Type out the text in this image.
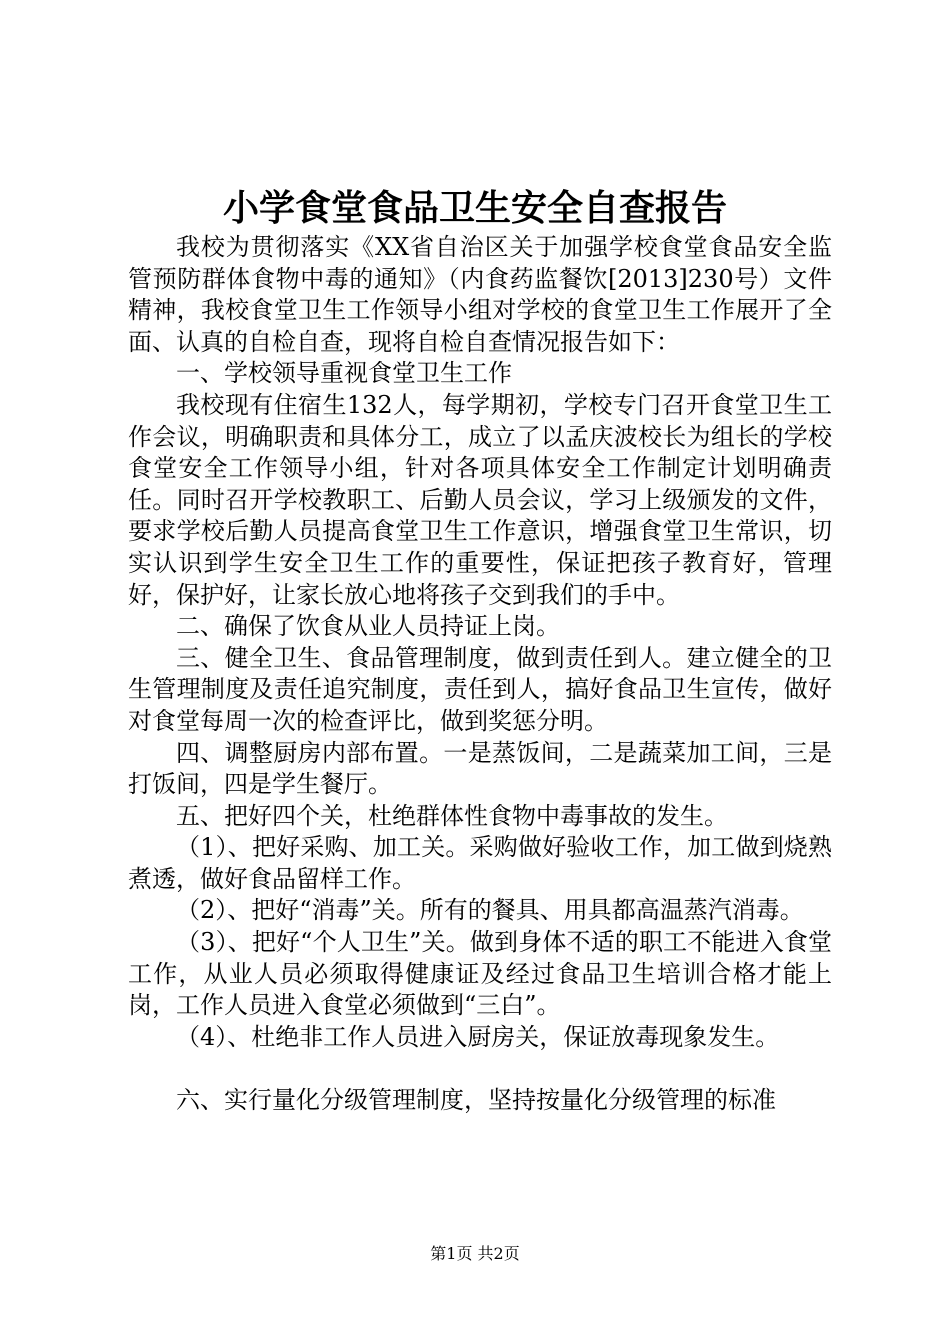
小学食堂食品卫生安全自查报告

我校为贯彻落实《XX省自治区关于加强学校食堂食品安全监管预防群体食物中毒的通知》（内食药监餐饮[2013]230号）文件精神，我校食堂卫生工作领导小组对学校的食堂卫生工作展开了全面、认真的自检自查，现将自检自查情况报告如下：

一、学校领导重视食堂卫生工作

我校现有住宿生132人，每学期初，学校专门召开食堂卫生工作会议，明确职责和具体分工，成立了以孟庆波校长为组长的学校食堂安全工作领导小组，针对各项具体安全工作制定计划明确责任。同时召开学校教职工、后勤人员会议，学习上级颁发的文件，要求学校后勤人员提高食堂卫生工作意识，增强食堂卫生常识，切实认识到学生安全卫生工作的重要性，保证把孩子教育好，管理好，保护好，让家长放心地将孩子交到我们的手中。

二、确保了饮食从业人员持证上岗。

三、健全卫生、食品管理制度，做到责任到人。建立健全的卫生管理制度及责任追究制度，责任到人，搞好食品卫生宣传，做好对食堂每周一次的检查评比，做到奖惩分明。

四、调整厨房内部布置。一是蒸饭间，二是蔬菜加工间，三是打饭间，四是学生餐厅。

五、把好四个关，杜绝群体性食物中毒事故的发生。

（1）、把好采购、加工关。采购做好验收工作，加工做到烧熟煮透，做好食品留样工作。

（2）、把好“消毒”关。所有的餐具、用具都高温蒸汽消毒。

（3）、把好“个人卫生”关。做到身体不适的职工不能进入食堂工作，从业人员必须取得健康证及经过食品卫生培训合格才能上岗，工作人员进入食堂必须做到“三白”。

（4）、杜绝非工作人员进入厨房关，保证放毒现象发生。

六、实行量化分级管理制度，坚持按量化分级管理的标准

第1页 共2页
